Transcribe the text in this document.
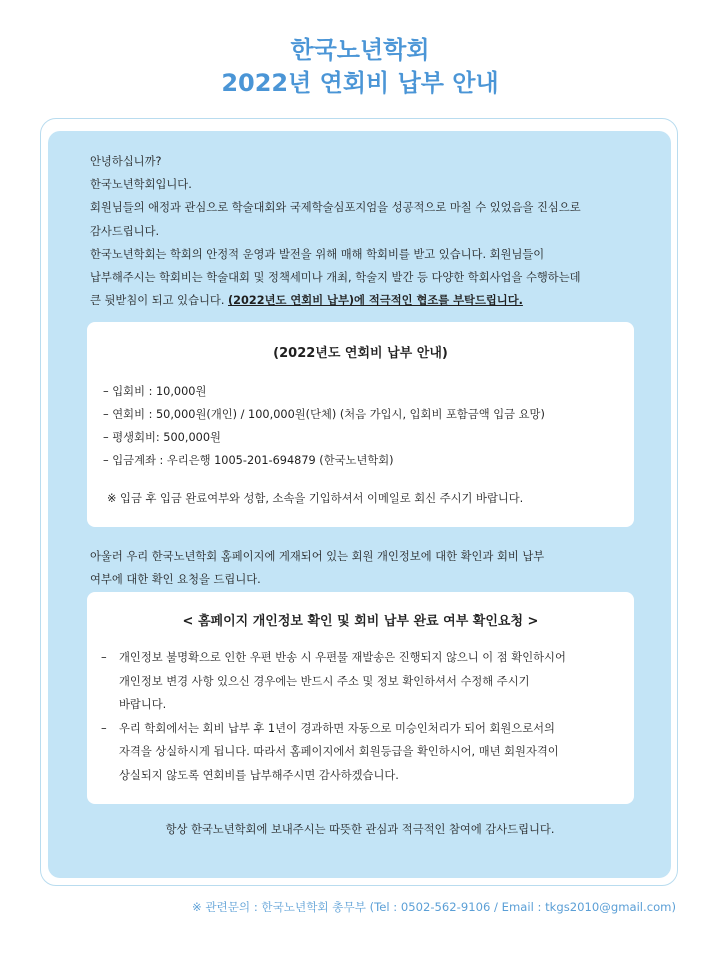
한국노년학회
2022년 연회비 납부 안내

안녕하십니까?

한국노년학회입니다.

회원님들의 애정과 관심으로 학술대회와 국제학술심포지엄을 성공적으로 마칠 수 있었음을 진심으로

감사드립니다.

한국노년학회는 학회의 안정적 운영과 발전을 위해 매해 학회비를 받고 있습니다. 회원님들이

납부해주시는 학회비는 학술대회 및 정책세미나 개최, 학술지 발간 등 다양한 학회사업을 수행하는데

큰 뒷받침이 되고 있습니다. (2022년도 연회비 납부)에 적극적인 협조를 부탁드립니다.

(2022년도 연회비 납부 안내)
– 입회비 : 10,000원
– 연회비 : 50,000원(개인) / 100,000원(단체) (처음 가입시, 입회비 포함금액 입금 요망)
– 평생회비: 500,000원
– 입금계좌 : 우리은행 1005-201-694879 (한국노년학회)
※ 입금 후 입금 완료여부와 성함, 소속을 기입하셔서 이메일로 회신 주시기 바랍니다.

아울러 우리 한국노년학회 홈페이지에 게재되어 있는 회원 개인정보에 대한 확인과 회비 납부

여부에 대한 확인 요청을 드립니다.

< 홈페이지 개인정보 확인 및 회비 납부 완료 여부 확인요청 >
– 개인정보 불명확으로 인한 우편 반송 시 우편물 재발송은 진행되지 않으니 이 점 확인하시어
개인정보 변경 사항 있으신 경우에는 반드시 주소 및 정보 확인하셔서 수정해 주시기
바랍니다.
– 우리 학회에서는 회비 납부 후 1년이 경과하면 자동으로 미승인처리가 되어 회원으로서의
자격을 상실하시게 됩니다. 따라서 홈페이지에서 회원등급을 확인하시어, 매년 회원자격이
상실되지 않도록 연회비를 납부해주시면 감사하겠습니다.
항상 한국노년학회에 보내주시는 따뜻한 관심과 적극적인 참여에 감사드립니다.
※ 관련문의 : 한국노년학회 총무부 (Tel : 0502-562-9106 / Email : tkgs2010@gmail.com)
